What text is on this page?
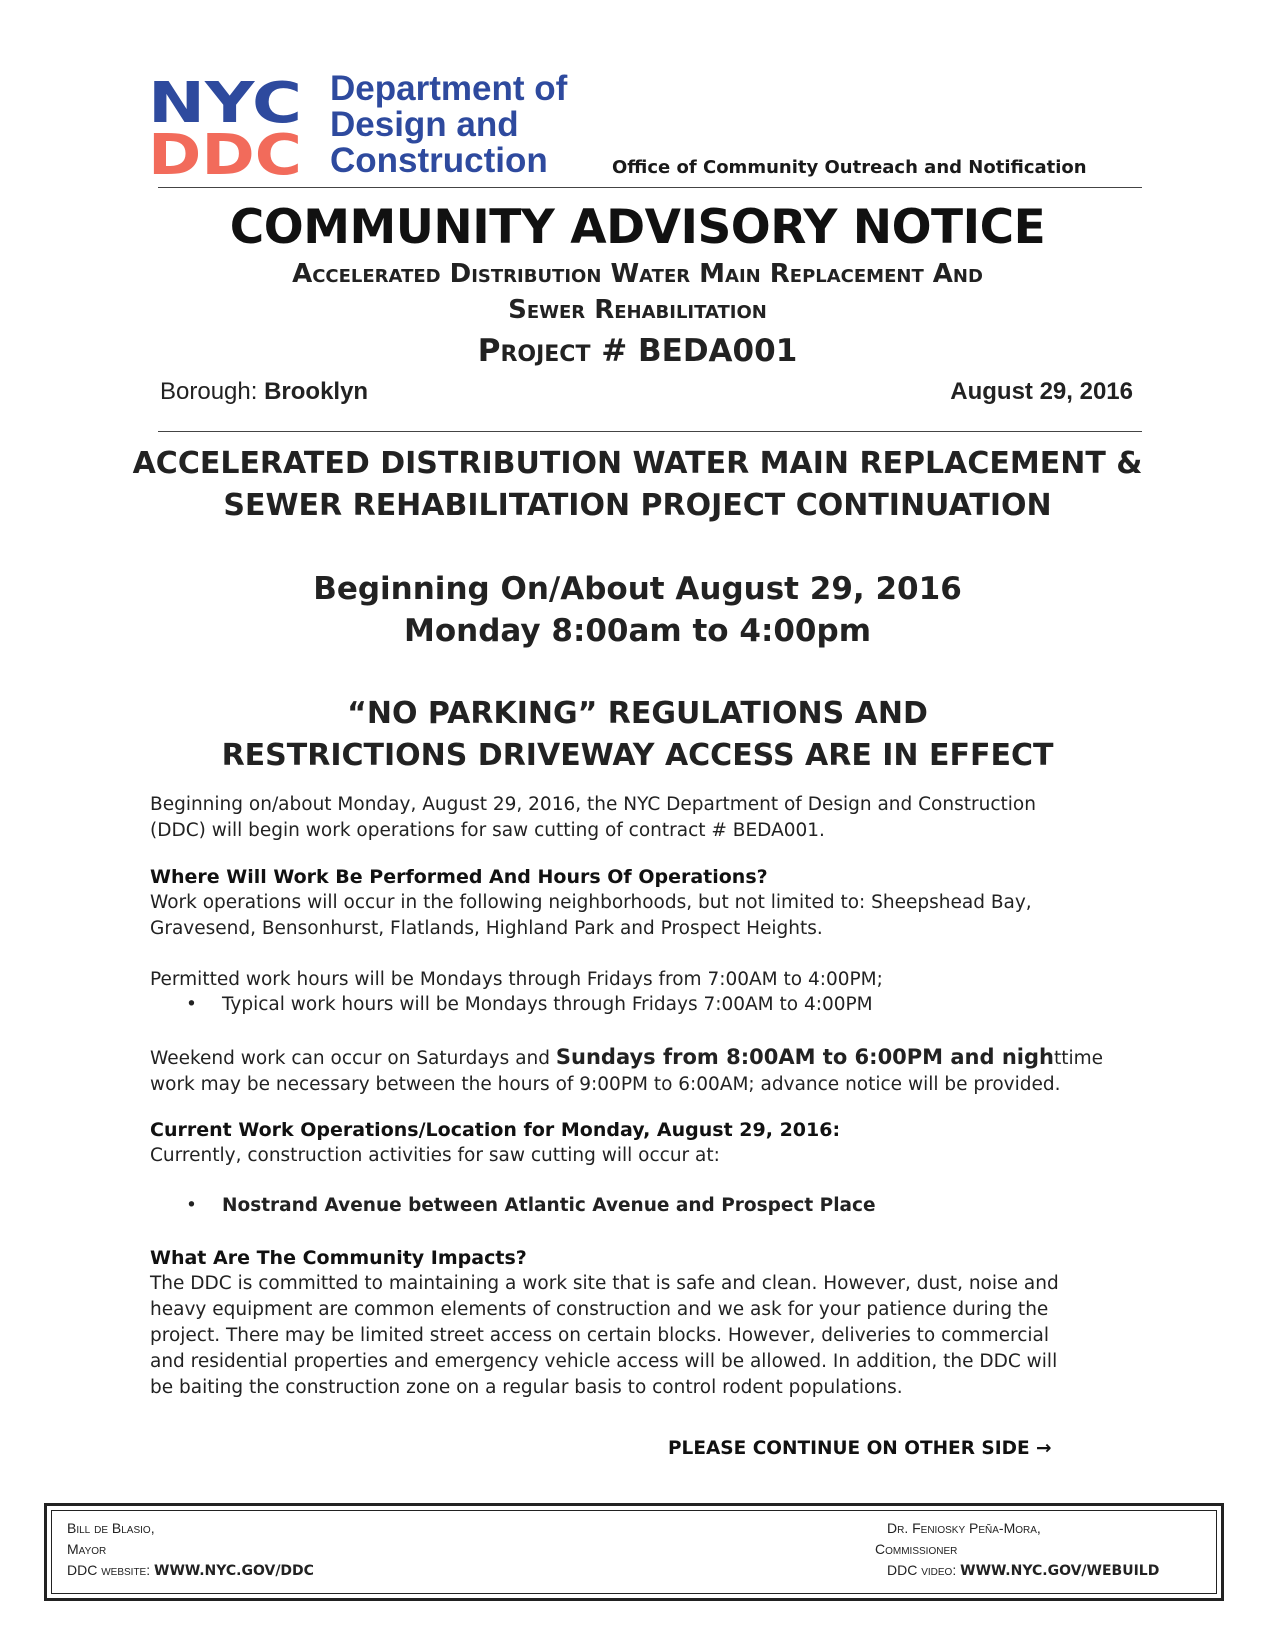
NYC
DDC
Department of
Design and
Construction	Office of Community Outreach and Notification
COMMUNITY ADVISORY NOTICE
Accelerated Distribution Water Main Replacement And
Sewer Rehabilitation
Project # BEDA001
Borough: Brooklyn	August 29, 2016
ACCELERATED DISTRIBUTION WATER MAIN REPLACEMENT &
SEWER REHABILITATION PROJECT CONTINUATION
Beginning On/About August 29, 2016
Monday 8:00am to 4:00pm
“NO PARKING” REGULATIONS AND
RESTRICTIONS DRIVEWAY ACCESS ARE IN EFFECT
Beginning on/about Monday, August 29, 2016, the NYC Department of Design and Construction
(DDC) will begin work operations for saw cutting of contract # BEDA001.
Where Will Work Be Performed And Hours Of Operations?
Work operations will occur in the following neighborhoods, but not limited to: Sheepshead Bay,
Gravesend, Bensonhurst, Flatlands, Highland Park and Prospect Heights.
Permitted work hours will be Mondays through Fridays from 7:00AM to 4:00PM;
• Typical work hours will be Mondays through Fridays 7:00AM to 4:00PM
Weekend work can occur on Saturdays and Sundays from 8:00AM to 6:00PM and nighttime
work may be necessary between the hours of 9:00PM to 6:00AM; advance notice will be provided.
Current Work Operations/Location for Monday, August 29, 2016:
Currently, construction activities for saw cutting will occur at:
• Nostrand Avenue between Atlantic Avenue and Prospect Place
What Are The Community Impacts?
The DDC is committed to maintaining a work site that is safe and clean. However, dust, noise and
heavy equipment are common elements of construction and we ask for your patience during the
project. There may be limited street access on certain blocks. However, deliveries to commercial
and residential properties and emergency vehicle access will be allowed. In addition, the DDC will
be baiting the construction zone on a regular basis to control rodent populations.
PLEASE CONTINUE ON OTHER SIDE →
Bill de Blasio,
Mayor
DDC website: WWW.NYC.GOV/DDC
Dr. Feniosky Peña-Mora,
Commissioner
DDC video: WWW.NYC.GOV/WEBUILD
